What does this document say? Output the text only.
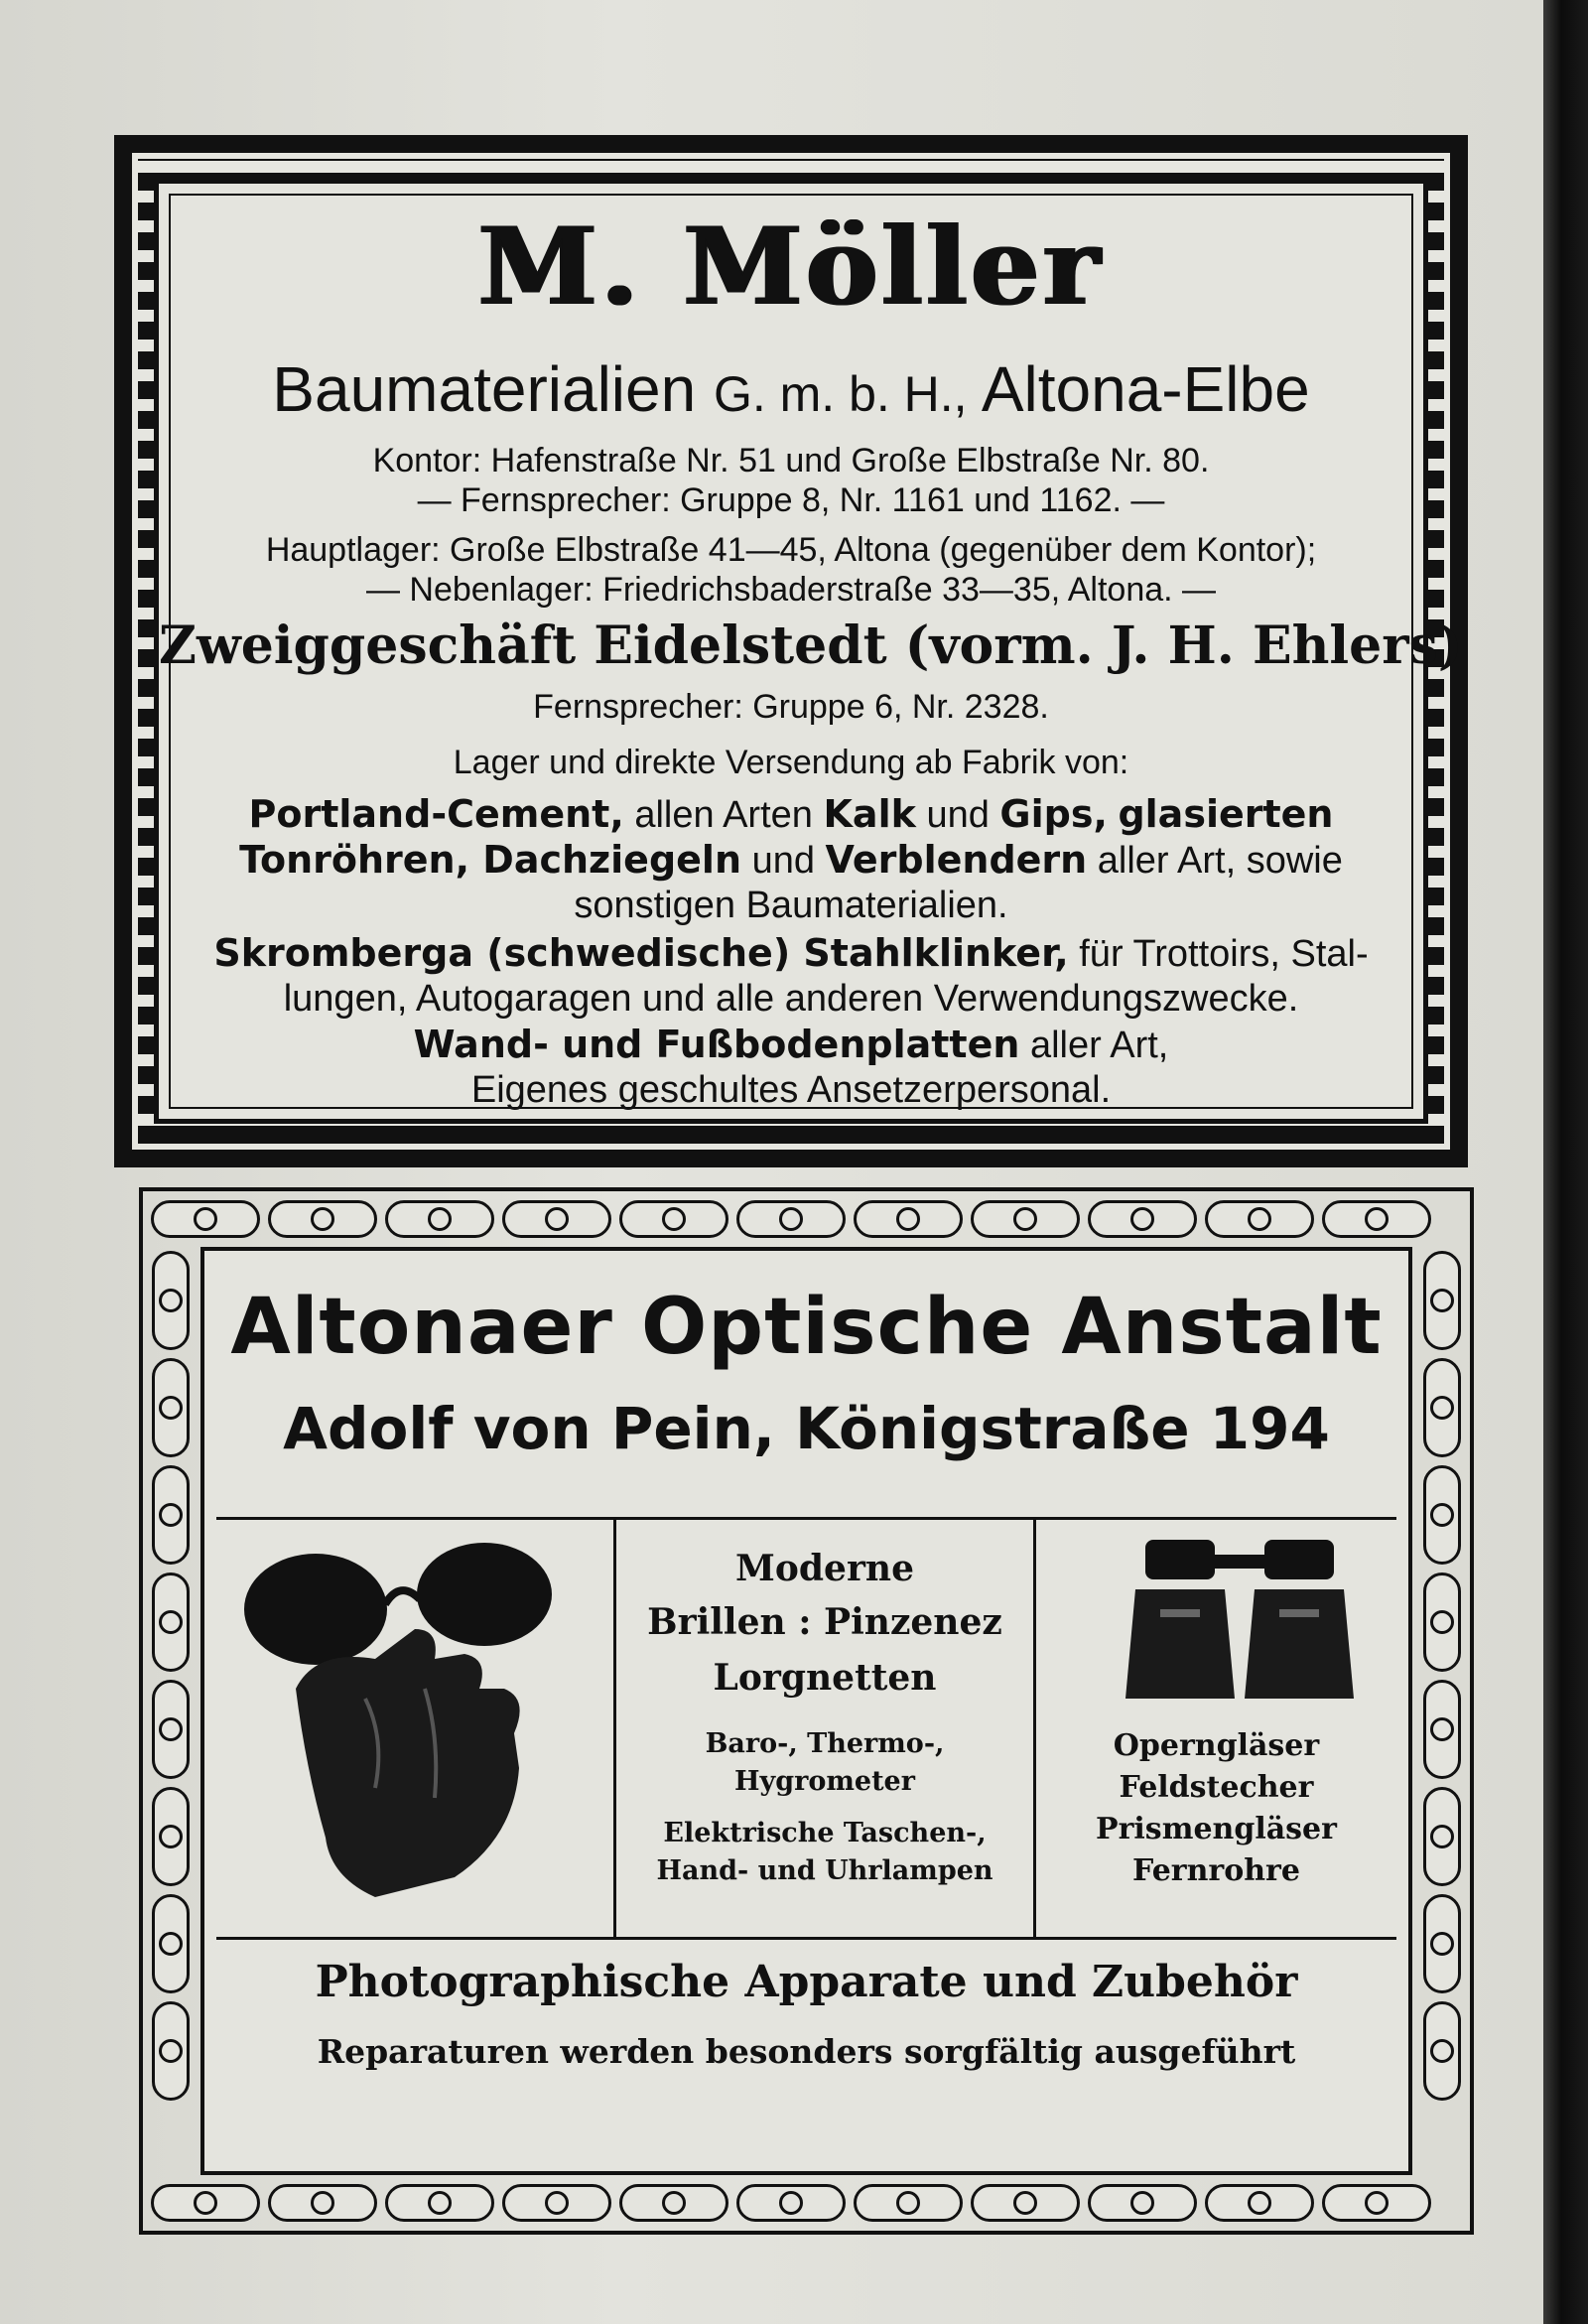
M. Möller
Baumaterialien G. m. b. H., Altona-Elbe
Kontor: Hafenstraße Nr. 51 und Große Elbstraße Nr. 80.
— Fernsprecher: Gruppe 8, Nr. 1161 und 1162. —
Hauptlager: Große Elbstraße 41—45, Altona (gegenüber dem Kontor);
— Nebenlager: Friedrichsbaderstraße 33—35, Altona. —
Zweiggeschäft Eidelstedt (vorm. J. H. Ehlers)
Fernsprecher: Gruppe 6, Nr. 2328.
Lager und direkte Versendung ab Fabrik von:
Portland-Cement, allen Arten Kalk und Gips, glasierten
Tonröhren, Dachziegeln und Verblendern aller Art, sowie
sonstigen Baumaterialien.
Skromberga (schwedische) Stahlklinker, für Trottoirs, Stal-
lungen, Autogaragen und alle anderen Verwendungszwecke.
Wand- und Fußbodenplatten aller Art,
Eigenes geschultes Ansetzerpersonal.
Altonaer Optische Anstalt
Adolf von Pein, Königstraße 194
Moderne
Brillen : Pinzenez
Lorgnetten
Baro-, Thermo-,
Hygrometer
Elektrische Taschen-,
Hand- und Uhrlampen
Operngläser
Feldstecher
Prismengläser
Fernrohre
Photographische Apparate und Zubehör
Reparaturen werden besonders sorgfältig ausgeführt
